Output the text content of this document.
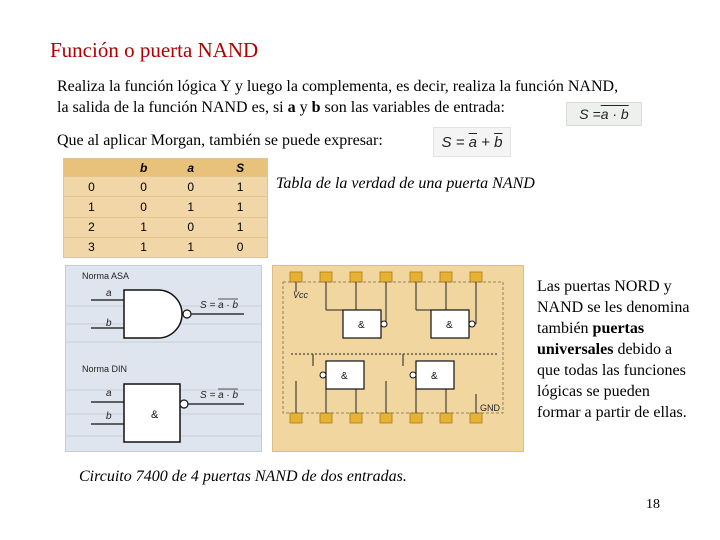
Función o puerta NAND
Realiza la función lógica Y y luego la complementa, es decir, realiza la función NAND,
la salida de la función NAND es, si a y b son las variables de entrada:	S = a · b
Que al aplicar Morgan, también se puede expresar:	$S = \overline{a} + \overline{b}$
	b	a	S
0	0	0	1
1	0	1	1
2	1	0	1
3	1	1	0
Tabla de la verdad de una puerta NAND
Norma ASA
a
b
S = a · b
Norma DIN
a
b	&
S = a · b
Vcc
GND
&	&
&	&
Las puertas NORD y NAND se les denomina también puertas universales debido a que todas las funciones lógicas se pueden formar a partir de ellas.
Circuito 7400 de 4 puertas NAND de dos entradas.
18
